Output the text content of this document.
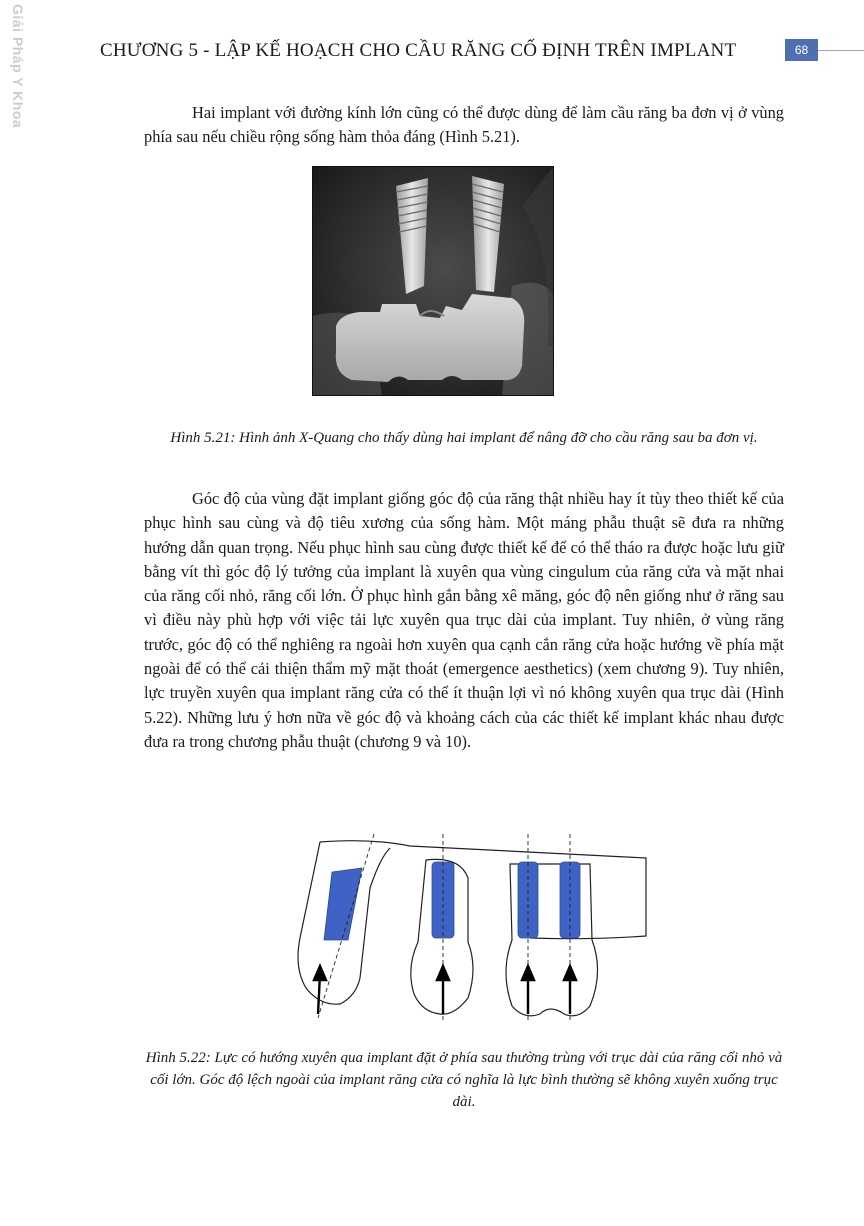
Giải Pháp Y Khoa	CHƯƠNG 5 - LẬP KẾ HOẠCH CHO CẦU RĂNG CỐ ĐỊNH TRÊN IMPLANT	68

Hai implant với đường kính lớn cũng có thể được dùng để làm cầu răng ba đơn vị ở vùng phía sau nếu chiều rộng sống hàm thỏa đáng (Hình 5.21).

Hình 5.21: Hình ảnh X-Quang cho thấy dùng hai implant để nâng đỡ cho cầu răng sau ba đơn vị.

Góc độ của vùng đặt implant giống góc độ của răng thật nhiều hay ít tùy theo thiết kế của phục hình sau cùng và độ tiêu xương của sống hàm. Một máng phẫu thuật sẽ đưa ra những hướng dẫn quan trọng. Nếu phục hình sau cùng được thiết kế để có thể tháo ra được hoặc lưu giữ bằng vít thì góc độ lý tưởng của implant là xuyên qua vùng cingulum của răng cửa và mặt nhai của răng cối nhỏ, răng cối lớn. Ở phục hình gắn bằng xê măng, góc độ nên giống như ở răng sau vì điều này phù hợp với việc tải lực xuyên qua trục dài của implant. Tuy nhiên, ở vùng răng trước, góc độ có thể nghiêng ra ngoài hơn xuyên qua cạnh cắn răng cửa hoặc hướng về phía mặt ngoài để có thể cải thiện thẩm mỹ mặt thoát (emergence aesthetics) (xem chương 9). Tuy nhiên, lực truyền xuyên qua implant răng cửa có thể ít thuận lợi vì nó không xuyên qua trục dài (Hình 5.22). Những lưu ý hơn nữa về góc độ và khoảng cách của các thiết kế implant khác nhau được đưa ra trong chương phẫu thuật (chương 9 và 10).

Hình 5.22: Lực có hướng xuyên qua implant đặt ở phía sau thường trùng với trục dài của răng cối nhỏ và cối lớn. Góc độ lệch ngoài của implant răng cửa có nghĩa là lực bình thường sẽ không xuyên xuống trục dài.
